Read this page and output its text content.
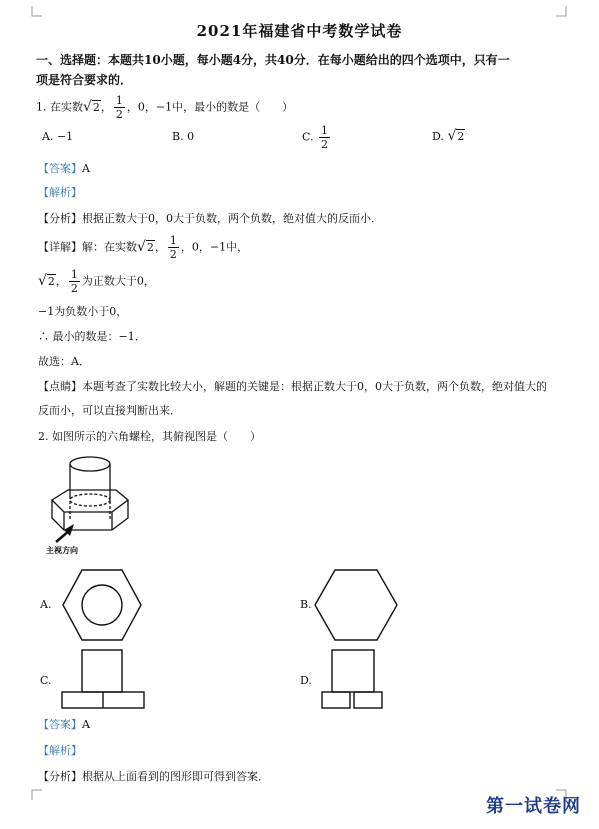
2021年福建省中考数学试卷
一、选择题：本题共10小题，每小题4分，共40分．在每小题给出的四个选项中，只有一
项是符合要求的．
1. 在实数√2， $\frac{1}{2}$ ，0，−1中，最小的数是（　　）
A. −1	B. 0	C. $\frac{1}{2}$	D. √2
【答案】A
【解析】
【分析】根据正数大于0，0大于负数，两个负数，绝对值大的反而小．
【详解】解：在实数√2， $\frac{1}{2}$ ，0，−1中，
√2， $\frac{1}{2}$ 为正数大于0，
−1为负数小于0，
∴ 最小的数是：−1．
故选：A．
【点睛】本题考查了实数比较大小，解题的关键是：根据正数大于0，0大于负数，两个负数，绝对值大的
反而小，可以直接判断出来．
2. 如图所示的六角螺栓，其俯视图是（　　）
主视方向
A.	B.
C.	D.
【答案】A
【解析】
【分析】根据从上面看到的图形即可得到答案．
第一试卷网
